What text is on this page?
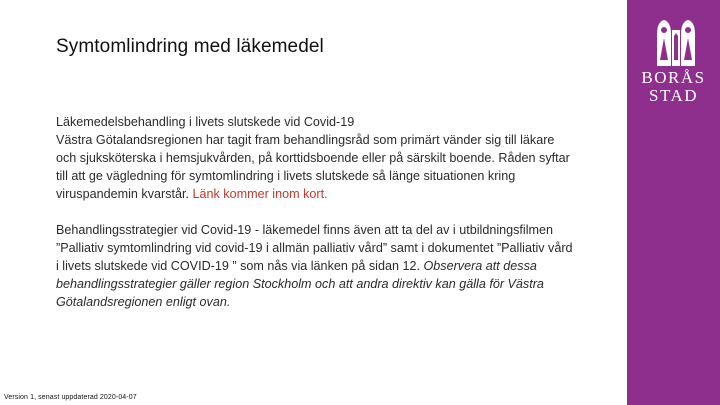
Symtomlindring med läkemedel
Läkemedelsbehandling i livets slutskede vid Covid-19

Västra Götalandsregionen har tagit fram behandlingsråd som primärt vänder sig till läkare och sjuksköterska i hemsjukvården, på korttidsboende eller på särskilt boende. Råden syftar till att ge vägledning för symtomlindring i livets slutskede så länge situationen kring viruspandemin kvarstår. Länk kommer inom kort.

Behandlingsstrategier vid Covid-19 - läkemedel finns även att ta del av i utbildningsfilmen ”Palliativ symtomlindring vid covid-19 i allmän palliativ vård” samt i dokumentet ”Palliativ vård i livets slutskede vid COVID-19 ” som nås via länken på sidan 12. Observera att dessa behandlingsstrategier gäller region Stockholm och att andra direktiv kan gälla för Västra Götalandsregionen enligt ovan.

Version 1, senast uppdaterad 2020-04-07
BORÅS
STAD
